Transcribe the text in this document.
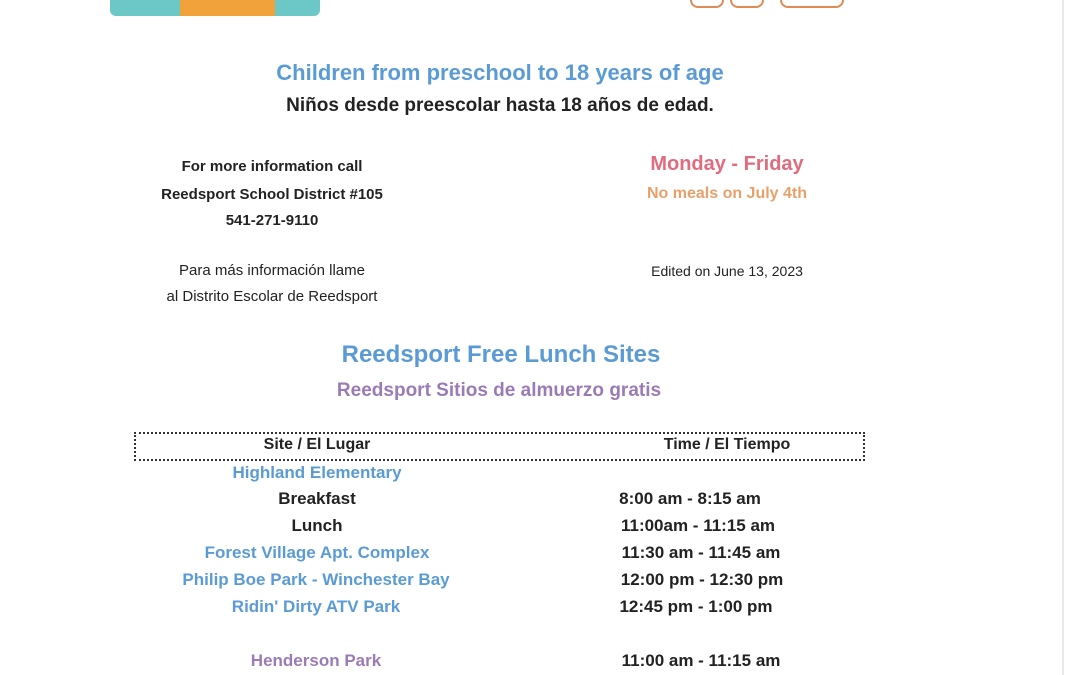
Children from preschool to 18 years of age
Niños desde preescolar hasta 18 años de edad.
For more information call
Reedsport School District #105
541-271-9110
Para más información llame
al Distrito Escolar de Reedsport
Monday - Friday
No meals on July 4th
Edited on June 13, 2023
Reedsport Free Lunch Sites
Reedsport Sitios de almuerzo gratis
Site / El Lugar	Time / El Tiempo
Highland Elementary
Breakfast	8:00 am - 8:15 am
Lunch	11:00am - 11:15 am
Forest Village Apt. Complex	11:30 am - 11:45 am
Philip Boe Park - Winchester Bay	12:00 pm - 12:30 pm
Ridin' Dirty ATV Park	12:45 pm - 1:00 pm
Henderson Park	11:00 am - 11:15 am
